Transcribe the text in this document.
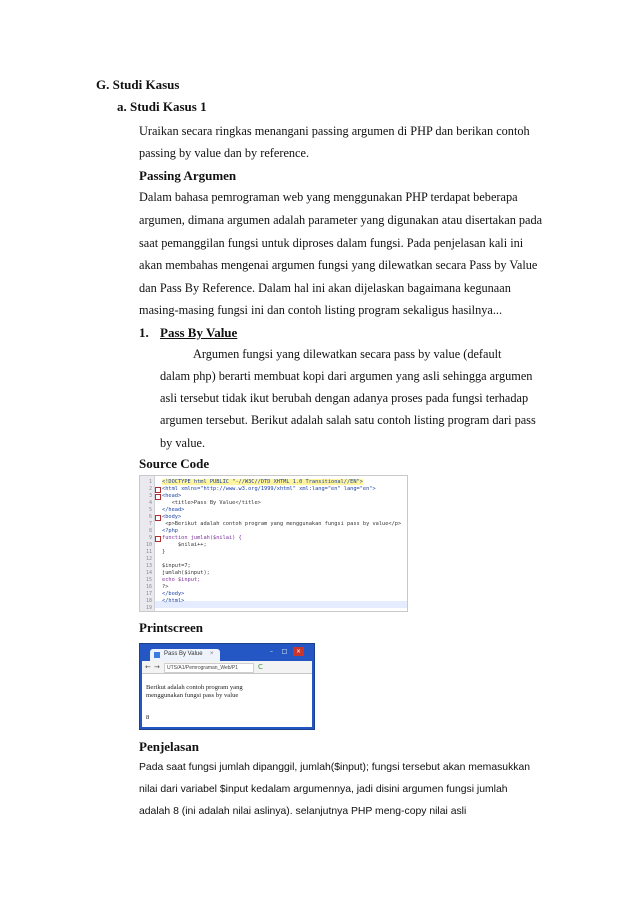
G. Studi Kasus
a. Studi Kasus 1
Uraikan secara ringkas menangani passing argumen di PHP dan berikan contoh
passing by value dan by reference.
Passing Argumen
Dalam bahasa pemrograman web yang menggunakan PHP terdapat beberapa
argumen, dimana argumen adalah parameter yang digunakan atau disertakan pada
saat pemanggilan fungsi untuk diproses dalam fungsi. Pada penjelasan kali ini
akan membahas mengenai argumen fungsi yang dilewatkan secara Pass by Value
dan Pass By Reference. Dalam hal ini akan dijelaskan bagaimana kegunaan
masing-masing fungsi ini dan contoh listing program sekaligus hasilnya...
1. Pass By Value
Argumen fungsi yang dilewatkan secara pass by value (default
dalam php) berarti membuat kopi dari argumen yang asli sehingga argumen
asli tersebut tidak ikut berubah dengan adanya proses pada fungsi terhadap
argumen tersebut. Berikut adalah salah satu contoh listing program dari pass
by value.
Source Code
1
2
3
4
5
6
7
8
9
10
11
12
13
14
15
16
17
18
19
<!DOCTYPE html PUBLIC "-//W3C//DTD XHTML 1.0 Transitional//EN">
<html xmlns="http://www.w3.org/1999/xhtml" xml:lang="en" lang="en">
<head>
<title>Pass By Value</title>
</head>
<body>
<p>Berikut adalah contoh program yang menggunakan fungsi pass by value</p>
<?php
function jumlah($nilai) {
$nilai++;
}
$input=7;
jumlah($input);
echo $input;
?>
</body>
</html>
Printscreen
Pass By Value ×	–	□	×
← →	UTS/A1/Pemrograman_Web/P1	C
Berikut adalah contoh program yang menggunakan fungsi pass by value
8
Penjelasan
Pada saat fungsi jumlah dipanggil, jumlah($input); fungsi tersebut akan memasukkan
nilai dari variabel $input kedalam argumennya, jadi disini argumen fungsi jumlah
adalah 8 (ini adalah nilai aslinya). selanjutnya PHP meng-copy nilai asli
